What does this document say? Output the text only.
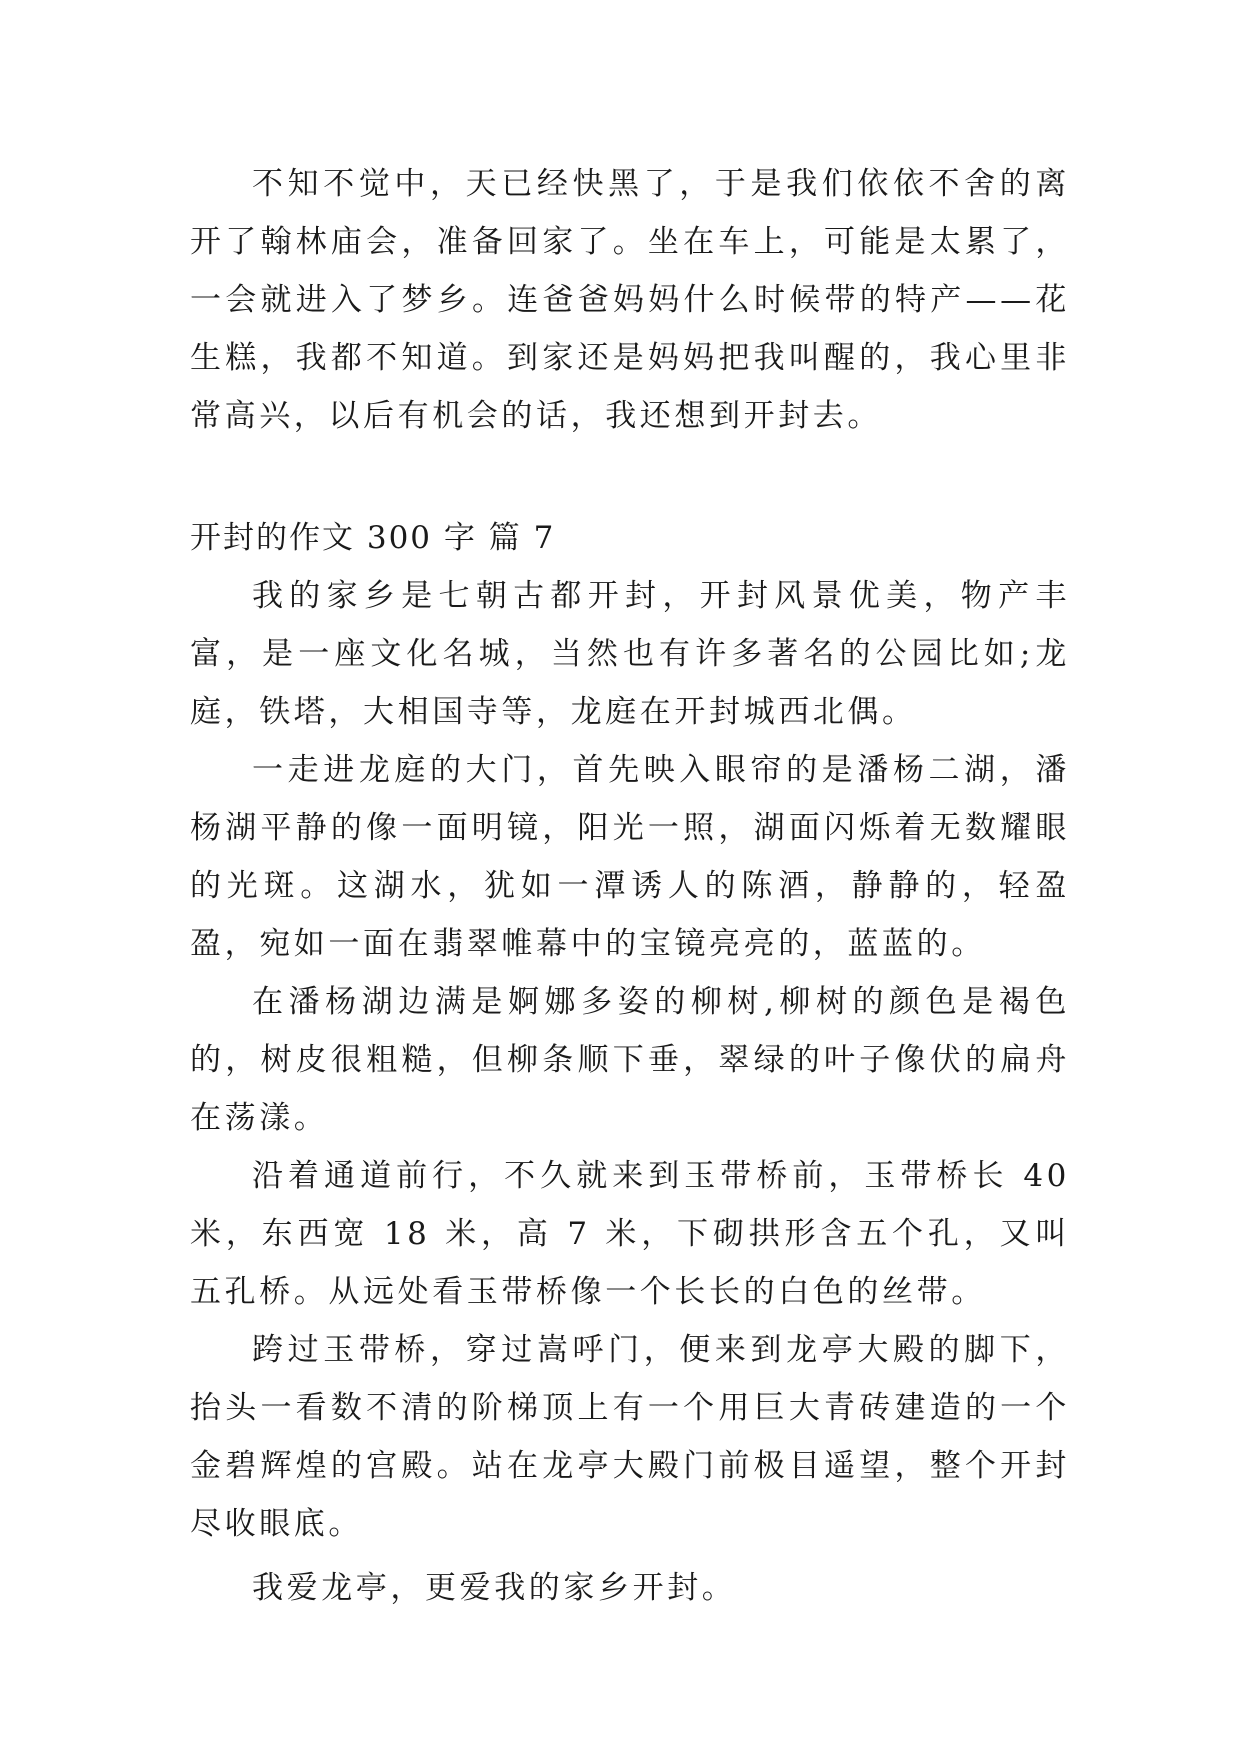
不知不觉中，天已经快黑了，于是我们依依不舍的离开了翰林庙会，准备回家了。坐在车上，可能是太累了，一会就进入了梦乡。连爸爸妈妈什么时候带的特产——花生糕，我都不知道。到家还是妈妈把我叫醒的，我心里非常高兴，以后有机会的话，我还想到开封去。

开封的作文 300 字 篇 7

我的家乡是七朝古都开封，开封风景优美，物产丰富，是一座文化名城，当然也有许多著名的公园比如;龙庭，铁塔，大相国寺等，龙庭在开封城西北偶。

一走进龙庭的大门，首先映入眼帘的是潘杨二湖，潘杨湖平静的像一面明镜，阳光一照，湖面闪烁着无数耀眼的光斑。这湖水，犹如一潭诱人的陈酒，静静的，轻盈盈，宛如一面在翡翠帷幕中的宝镜亮亮的，蓝蓝的。

在潘杨湖边满是婀娜多姿的柳树,柳树的颜色是褐色的，树皮很粗糙，但柳条顺下垂，翠绿的叶子像伏的扁舟在荡漾。

沿着通道前行，不久就来到玉带桥前，玉带桥长 40 米，东西宽 18 米，高 7 米，下砌拱形含五个孔，又叫五孔桥。从远处看玉带桥像一个长长的白色的丝带。

跨过玉带桥，穿过嵩呼门，便来到龙亭大殿的脚下，抬头一看数不清的阶梯顶上有一个用巨大青砖建造的一个金碧辉煌的宫殿。站在龙亭大殿门前极目遥望，整个开封尽收眼底。

我爱龙亭，更爱我的家乡开封。
